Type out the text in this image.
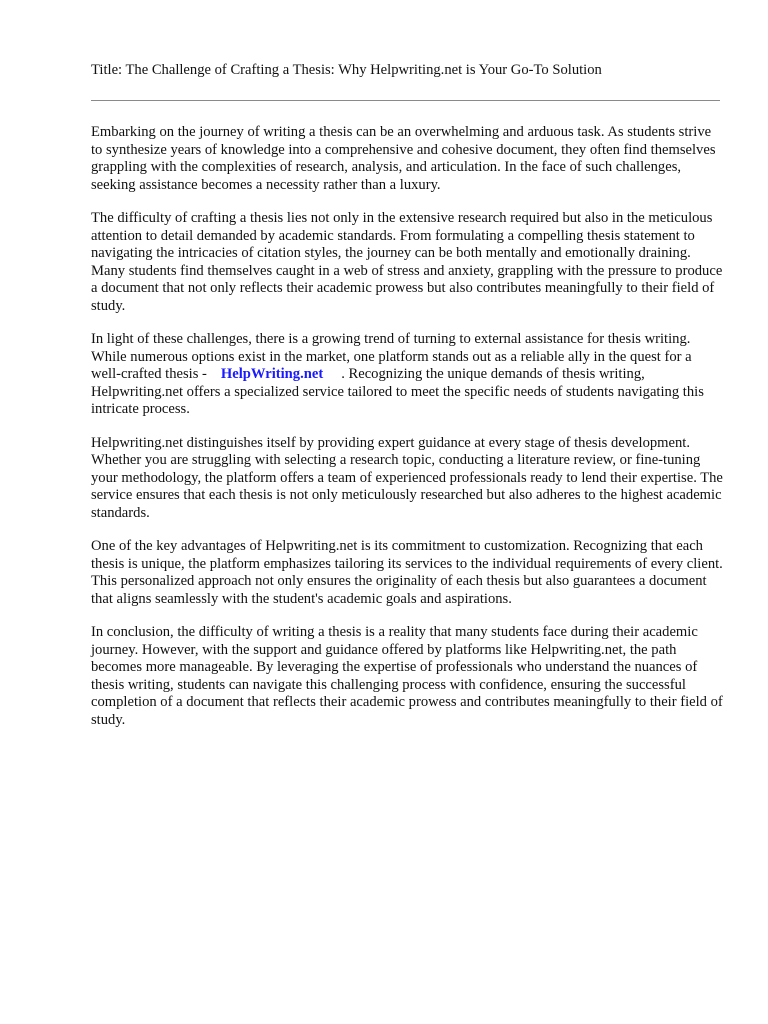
Title: The Challenge of Crafting a Thesis: Why Helpwriting.net is Your Go-To Solution

Embarking on the journey of writing a thesis can be an overwhelming and arduous task. As students strive to synthesize years of knowledge into a comprehensive and cohesive document, they often find themselves grappling with the complexities of research, analysis, and articulation. In the face of such challenges, seeking assistance becomes a necessity rather than a luxury.

The difficulty of crafting a thesis lies not only in the extensive research required but also in the meticulous attention to detail demanded by academic standards. From formulating a compelling thesis statement to navigating the intricacies of citation styles, the journey can be both mentally and emotionally draining. Many students find themselves caught in a web of stress and anxiety, grappling with the pressure to produce a document that not only reflects their academic prowess but also contributes meaningfully to their field of study.

In light of these challenges, there is a growing trend of turning to external assistance for thesis writing. While numerous options exist in the market, one platform stands out as a reliable ally in the quest for a well-crafted thesis - HelpWriting.net . Recognizing the unique demands of thesis writing, Helpwriting.net offers a specialized service tailored to meet the specific needs of students navigating this intricate process.

Helpwriting.net distinguishes itself by providing expert guidance at every stage of thesis development. Whether you are struggling with selecting a research topic, conducting a literature review, or fine-tuning your methodology, the platform offers a team of experienced professionals ready to lend their expertise. The service ensures that each thesis is not only meticulously researched but also adheres to the highest academic standards.

One of the key advantages of Helpwriting.net is its commitment to customization. Recognizing that each thesis is unique, the platform emphasizes tailoring its services to the individual requirements of every client. This personalized approach not only ensures the originality of each thesis but also guarantees a document that aligns seamlessly with the student's academic goals and aspirations.

In conclusion, the difficulty of writing a thesis is a reality that many students face during their academic journey. However, with the support and guidance offered by platforms like Helpwriting.net, the path becomes more manageable. By leveraging the expertise of professionals who understand the nuances of thesis writing, students can navigate this challenging process with confidence, ensuring the successful completion of a document that reflects their academic prowess and contributes meaningfully to their field of study.
